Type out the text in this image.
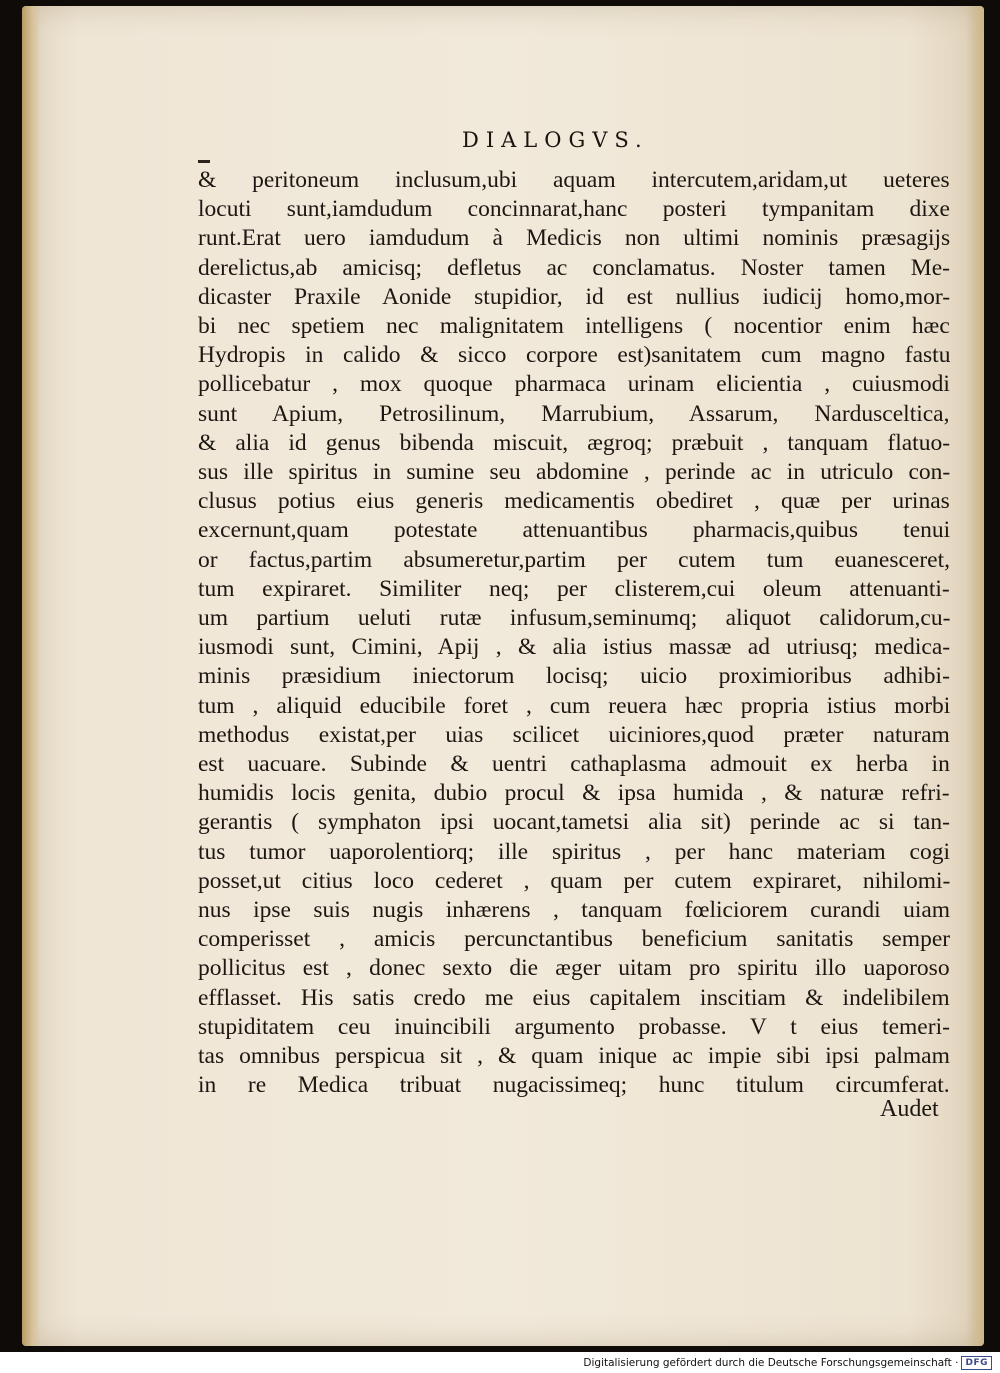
DIALOGVS.
& peritoneum inclusum,ubi aquam intercutem,aridam,ut ueteres
locuti sunt,iamdudum concinnarat,hanc posteri tympanitam dixe
runt.Erat uero iamdudum à Medicis non ultimi nominis præsagijs
derelictus,ab amicisq; defletus ac conclamatus. Noster tamen Me-
dicaster Praxile Aonide stupidior, id est nullius iudicij homo,mor-
bi nec spetiem nec malignitatem intelligens ( nocentior enim hæc
Hydropis in calido & sicco corpore est)sanitatem cum magno fastu
pollicebatur , mox quoque pharmaca urinam elicientia , cuiusmodi
sunt Apium, Petrosilinum, Marrubium, Assarum, Nardusceltica,
& alia id genus bibenda miscuit, ægroq; præbuit , tanquam flatuo-
sus ille spiritus in sumine seu abdomine , perinde ac in utriculo con-
clusus potius eius generis medicamentis obediret , quæ per urinas
excernunt,quam potestate attenuantibus pharmacis,quibus tenui
or factus,partim absumeretur,partim per cutem tum euanesceret,
tum expiraret. Similiter neq; per clisterem,cui oleum attenuanti-
um partium ueluti rutæ infusum,seminumq; aliquot calidorum,cu-
iusmodi sunt, Cimini, Apij , & alia istius massæ ad utriusq; medica-
minis præsidium iniectorum locisq; uicio proximioribus adhibi-
tum , aliquid educibile foret , cum reuera hæc propria istius morbi
methodus existat,per uias scilicet uiciniores,quod præter naturam
est uacuare. Subinde & uentri cathaplasma admouit ex herba in
humidis locis genita, dubio procul & ipsa humida , & naturæ refri-
gerantis ( symphaton ipsi uocant,tametsi alia sit) perinde ac si tan-
tus tumor uaporolentiorq; ille spiritus , per hanc materiam cogi
posset,ut citius loco cederet , quam per cutem expiraret, nihilomi-
nus ipse suis nugis inhærens , tanquam fœliciorem curandi uiam
comperisset , amicis percunctantibus beneficium sanitatis semper
pollicitus est , donec sexto die æger uitam pro spiritu illo uaporoso
efflasset. His satis credo me eius capitalem inscitiam & indelibilem
stupiditatem ceu inuincibili argumento probasse. V t eius temeri-
tas omnibus perspicua sit , & quam inique ac impie sibi ipsi palmam
in re Medica tribuat nugacissimeq; hunc titulum circumferat.
Audet
Digitalisierung gefördert durch die Deutsche Forschungsgemeinschaft · DFG
